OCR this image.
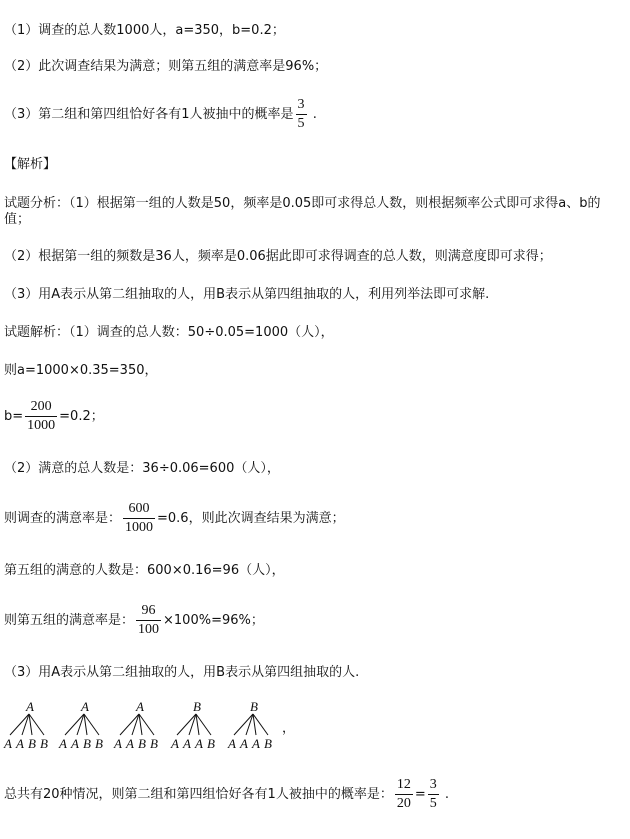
（1）调查的总人数1000人，a=350，b=0.2；
（2）此次调查结果为满意；则第五组的满意率是96%；
（3）第二组和第四组恰好各有1人被抽中的概率是 $\frac{3}{5}$ .
【解析】
试题分析：（1）根据第一组的人数是50，频率是0.05即可求得总人数，则根据频率公式即可求得a、b的值；
（2）根据第一组的频数是36人，频率是0.06据此即可求得调查的总人数，则满意度即可求得；
（3）用A表示从第二组抽取的人，用B表示从第四组抽取的人，利用列举法即可求解.
试题解析：（1）调查的总人数：50÷0.05=1000（人），
则a=1000×0.35=350，
$b= \frac{200}{1000} =0.2$；
（2）满意的总人数是：36÷0.06=600（人），
则调查的满意率是： $\frac{600}{1000} =0.6$，则此次调查结果为满意；
第五组的满意的人数是：600×0.16=96（人），
则第五组的满意率是： $\frac{96}{100} \times 100\%=96\%$；
（3）用A表示从第二组抽取的人，用B表示从第四组抽取的人.
A
A A B B
A
A A B B
A
A A B B
B
A A A B
B
A A A B
，
总共有20种情况，则第二组和第四组恰好各有1人被抽中的概率是： $\frac{12}{20} = \frac{3}{5}$ .
